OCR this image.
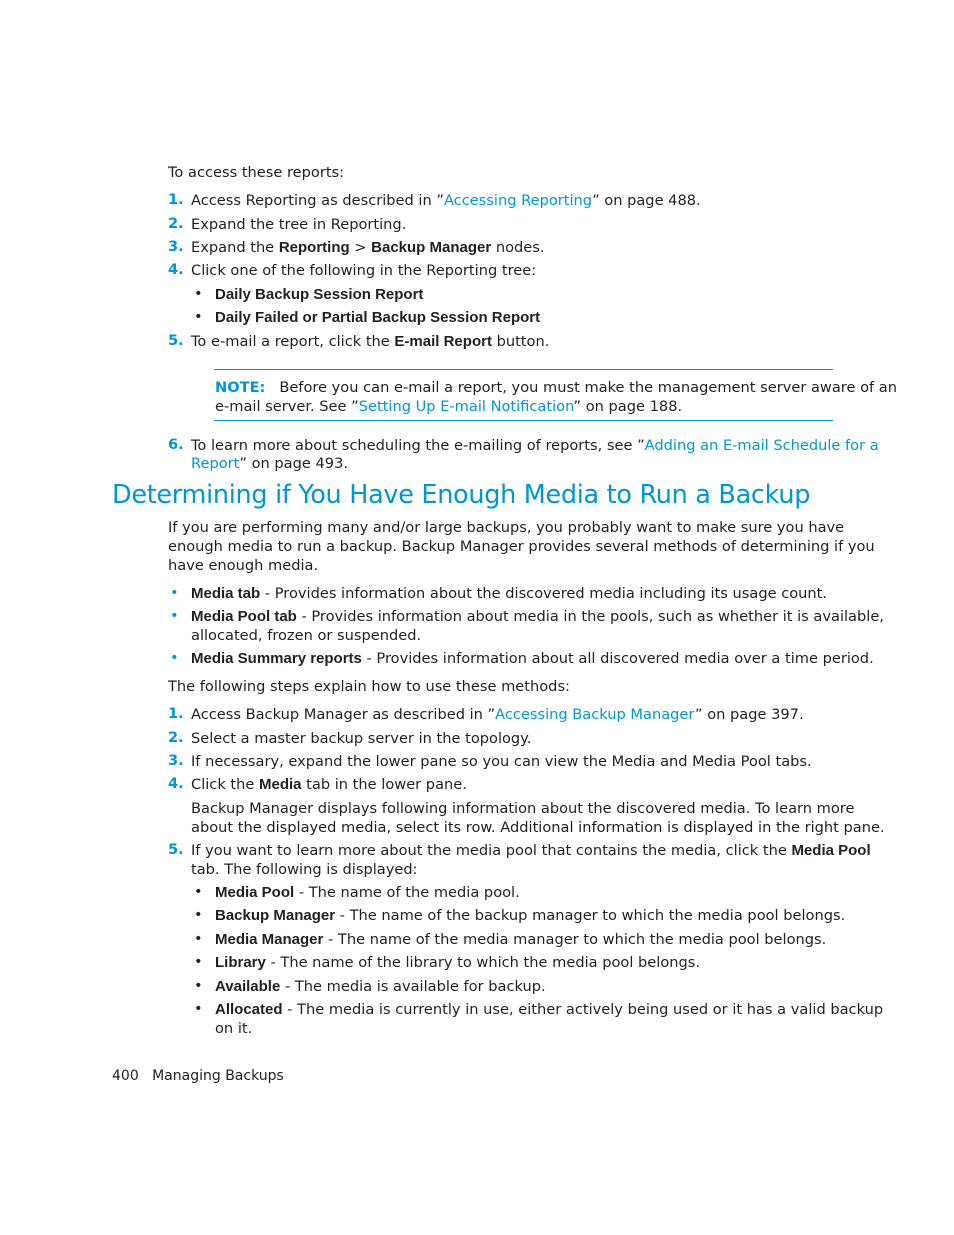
To access these reports:
1. Access Reporting as described in ”Accessing Reporting” on page 488.
2. Expand the tree in Reporting.
3. Expand the Reporting > Backup Manager nodes.
4. Click one of the following in the Reporting tree:
• Daily Backup Session Report
• Daily Failed or Partial Backup Session Report
5. To e-mail a report, click the E-mail Report button.
NOTE: Before you can e-mail a report, you must make the management server aware of an
e-mail server. See ”Setting Up E-mail Notification” on page 188.
6. To learn more about scheduling the e-mailing of reports, see ”Adding an E-mail Schedule for a
Report” on page 493.
Determining if You Have Enough Media to Run a Backup
If you are performing many and/or large backups, you probably want to make sure you have
enough media to run a backup. Backup Manager provides several methods of determining if you
have enough media.
• Media tab - Provides information about the discovered media including its usage count.
• Media Pool tab - Provides information about media in the pools, such as whether it is available,
allocated, frozen or suspended.
• Media Summary reports - Provides information about all discovered media over a time period.
The following steps explain how to use these methods:
1. Access Backup Manager as described in ”Accessing Backup Manager” on page 397.
2. Select a master backup server in the topology.
3. If necessary, expand the lower pane so you can view the Media and Media Pool tabs.
4. Click the Media tab in the lower pane.
Backup Manager displays following information about the discovered media. To learn more
about the displayed media, select its row. Additional information is displayed in the right pane.
5. If you want to learn more about the media pool that contains the media, click the Media Pool
tab. The following is displayed:
• Media Pool - The name of the media pool.
• Backup Manager - The name of the backup manager to which the media pool belongs.
• Media Manager - The name of the media manager to which the media pool belongs.
• Library - The name of the library to which the media pool belongs.
• Available - The media is available for backup.
• Allocated - The media is currently in use, either actively being used or it has a valid backup
on it.
400 Managing Backups
